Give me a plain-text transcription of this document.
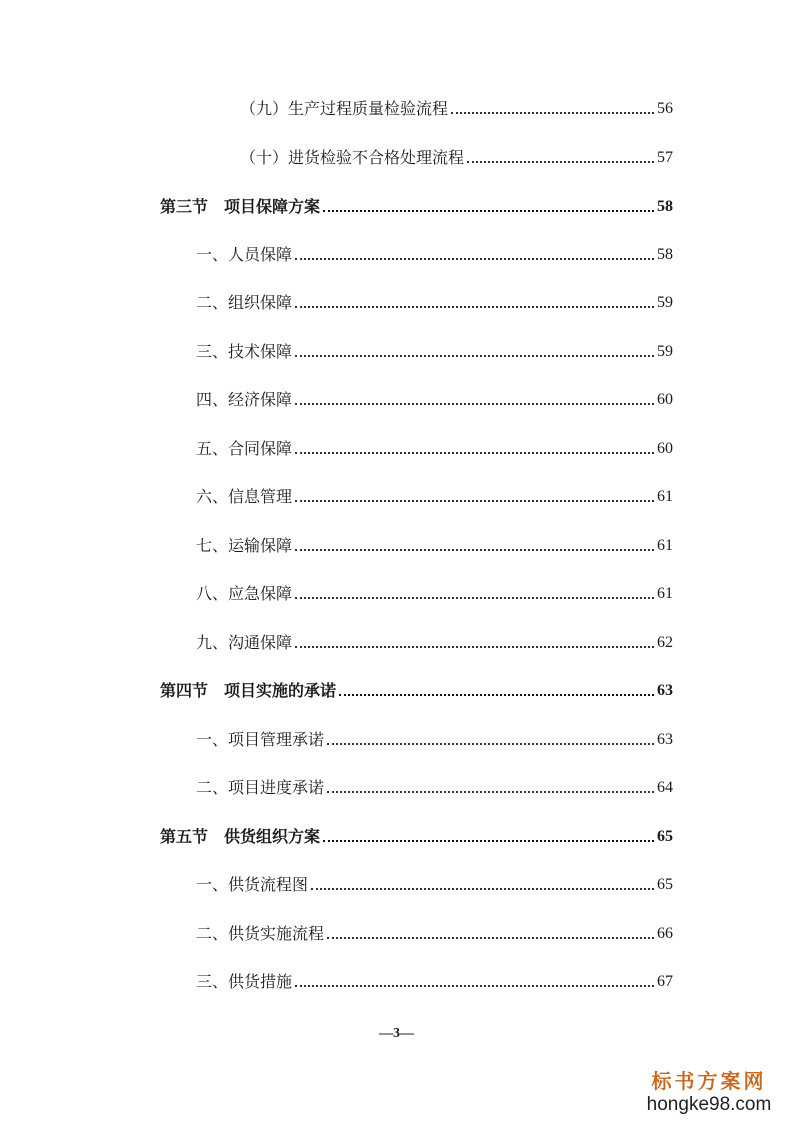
（九）生产过程质量检验流程	56
（十）进货检验不合格处理流程	57
第三节 项目保障方案	58
一、人员保障	58
二、组织保障	59
三、技术保障	59
四、经济保障	60
五、合同保障	60
六、信息管理	61
七、运输保障	61
八、应急保障	61
九、沟通保障	62
第四节 项目实施的承诺	63
一、项目管理承诺	63
二、项目进度承诺	64
第五节 供货组织方案	65
一、供货流程图	65
二、供货实施流程	66
三、供货措施	67
—3—
标书方案网
hongke98.com
